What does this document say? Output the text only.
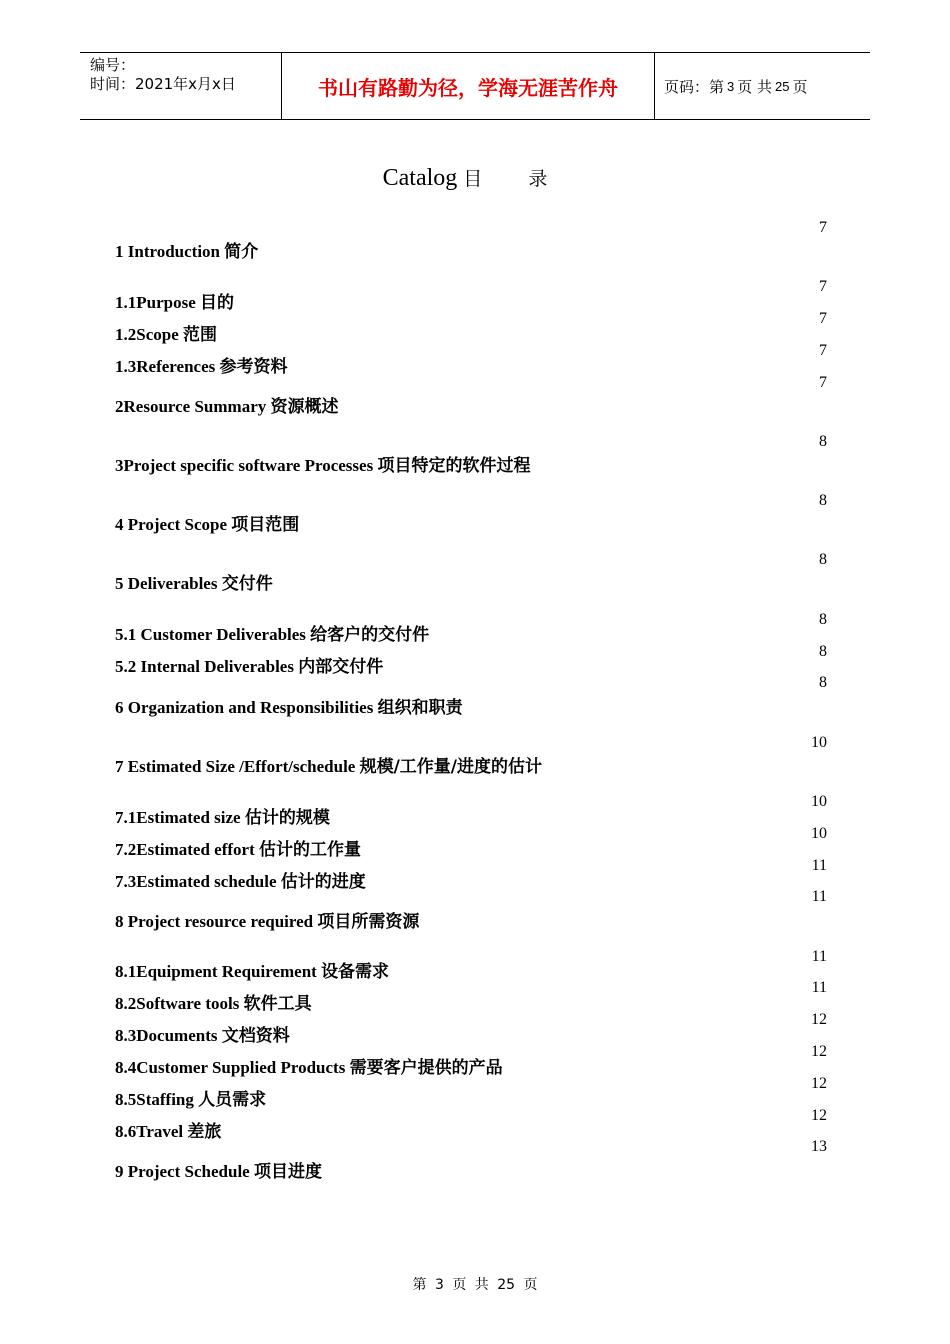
编号：
时间：2021年x月x日	书山有路勤为径，学海无涯苦作舟	页码：第 3 页 共 25 页
Catalog 目 录
1 Introduction 简介
7
1.1Purpose 目的
7
1.2Scope 范围
7
1.3References 参考资料
7
2Resource Summary 资源概述
7
3Project specific software Processes 项目特定的软件过程
8
4 Project Scope 项目范围
8
5 Deliverables 交付件
8
5.1 Customer Deliverables 给客户的交付件
8
5.2 Internal Deliverables 内部交付件
8
6 Organization and Responsibilities 组织和职责
8
7 Estimated Size /Effort/schedule 规模/工作量/进度的估计
10
7.1Estimated size 估计的规模
10
7.2Estimated effort 估计的工作量
10
7.3Estimated schedule 估计的进度
11
8 Project resource required 项目所需资源
11
8.1Equipment Requirement 设备需求
11
8.2Software tools 软件工具
11
8.3Documents 文档资料
12
8.4Customer Supplied Products 需要客户提供的产品
12
8.5Staffing 人员需求
12
8.6Travel 差旅
12
9 Project Schedule 项目进度
13
第 3 页 共 25 页
